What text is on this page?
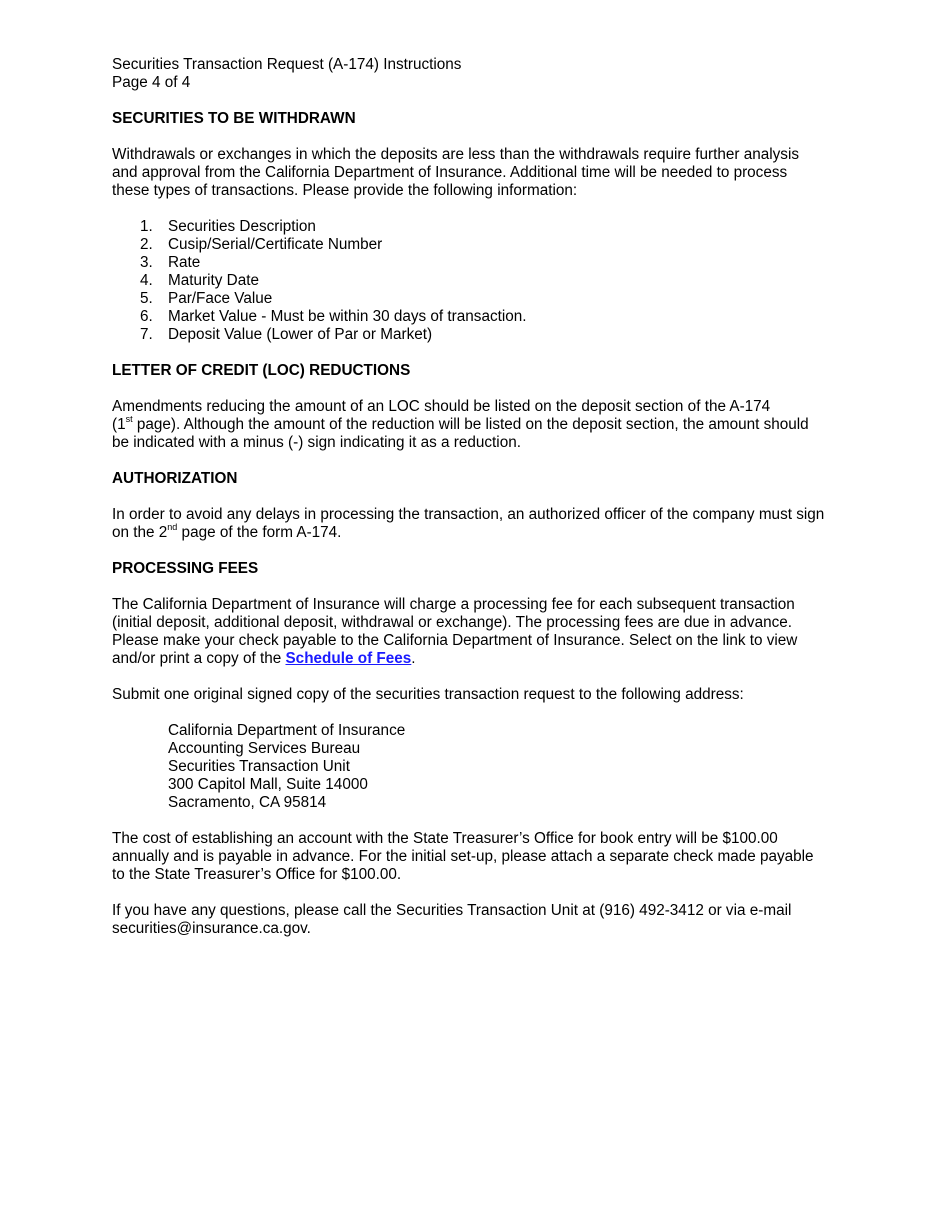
Securities Transaction Request (A-174) Instructions

Page 4 of 4

SECURITIES TO BE WITHDRAWN

Withdrawals or exchanges in which the deposits are less than the withdrawals require further analysis

and approval from the California Department of Insurance. Additional time will be needed to process

these types of transactions. Please provide the following information:

1. Securities Description
2. Cusip/Serial/Certificate Number
3. Rate
4. Maturity Date
5. Par/Face Value
6. Market Value - Must be within 30 days of transaction.
7. Deposit Value (Lower of Par or Market)

LETTER OF CREDIT (LOC) REDUCTIONS

Amendments reducing the amount of an LOC should be listed on the deposit section of the A-174

(1st page). Although the amount of the reduction will be listed on the deposit section, the amount should

be indicated with a minus (-) sign indicating it as a reduction.

AUTHORIZATION

In order to avoid any delays in processing the transaction, an authorized officer of the company must sign

on the 2nd page of the form A-174.

PROCESSING FEES

The California Department of Insurance will charge a processing fee for each subsequent transaction

(initial deposit, additional deposit, withdrawal or exchange). The processing fees are due in advance.

Please make your check payable to the California Department of Insurance. Select on the link to view

and/or print a copy of the Schedule of Fees.

Submit one original signed copy of the securities transaction request to the following address:

California Department of Insurance
Accounting Services Bureau
Securities Transaction Unit
300 Capitol Mall, Suite 14000
Sacramento, CA 95814

The cost of establishing an account with the State Treasurer’s Office for book entry will be $100.00

annually and is payable in advance. For the initial set-up, please attach a separate check made payable

to the State Treasurer’s Office for $100.00.

If you have any questions, please call the Securities Transaction Unit at (916) 492-3412 or via e-mail

securities@insurance.ca.gov.
